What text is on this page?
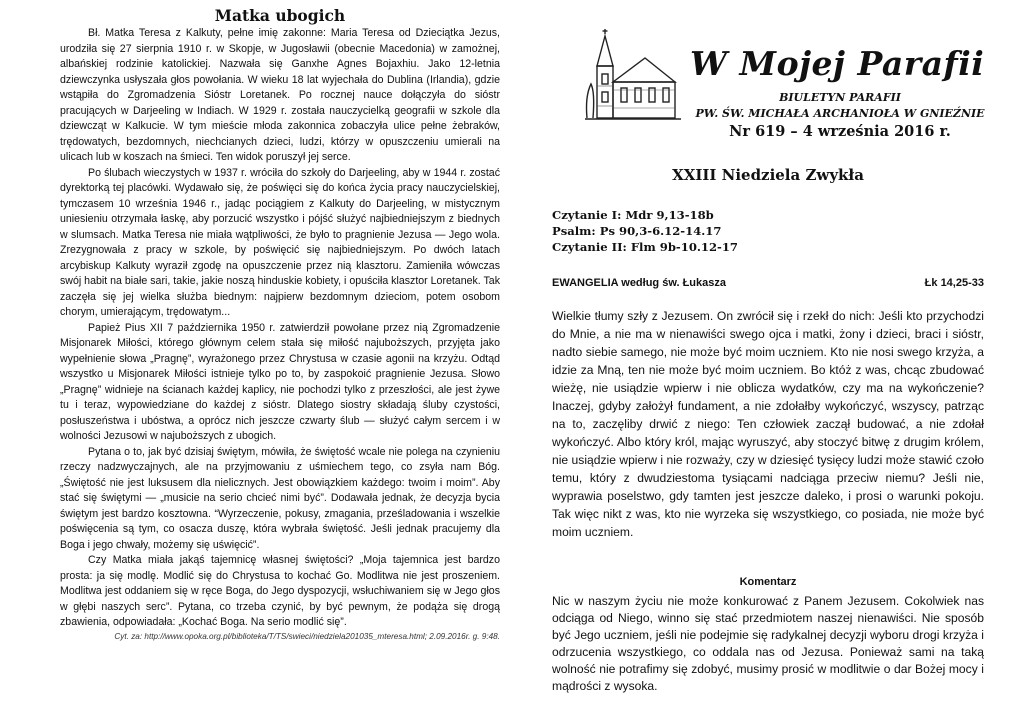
Matka ubogich

Bł. Matka Teresa z Kalkuty, pełne imię zakonne: Maria Teresa od Dzieciątka Jezus, urodziła się 27 sierpnia 1910 r. w Skopje, w Jugosławii (obecnie Macedonia) w zamożnej, albańskiej rodzinie katolickiej. Nazwała się Ganxhe Agnes Bojaxhiu. Jako 12-letnia dziewczynka usłyszała głos powołania. W wieku 18 lat wyjechała do Dublina (Irlandia), gdzie wstąpiła do Zgromadzenia Sióstr Loretanek. Po rocznej nauce dołączyła do sióstr pracujących w Darjeeling w Indiach. W 1929 r. została nauczycielką geografii w szkole dla dziewcząt w Kalkucie. W tym mieście młoda zakonnica zobaczyła ulice pełne żebraków, trędowatych, bezdomnych, niechcianych dzieci, ludzi, którzy w opuszczeniu umierali na ulicach lub w koszach na śmieci. Ten widok poruszył jej serce.

Po ślubach wieczystych w 1937 r. wróciła do szkoły do Darjeeling, aby w 1944 r. zostać dyrektorką tej placówki. Wydawało się, że poświęci się do końca życia pracy nauczycielskiej, tymczasem 10 września 1946 r., jadąc pociągiem z Kalkuty do Darjeeling, w mistycznym uniesieniu otrzymała łaskę, aby porzucić wszystko i pójść służyć najbiedniejszym z biednych w slumsach. Matka Teresa nie miała wątpliwości, że było to pragnienie Jezusa — Jego wola. Zrezygnowała z pracy w szkole, by poświęcić się najbiedniejszym. Po dwóch latach arcybiskup Kalkuty wyraził zgodę na opuszczenie przez nią klasztoru. Zamieniła wówczas swój habit na białe sari, takie, jakie noszą hinduskie kobiety, i opuściła klasztor Loretanek. Tak zaczęła się jej wielka służba biednym: najpierw bezdomnym dzieciom, potem osobom chorym, umierającym, trędowatym...

Papież Pius XII 7 października 1950 r. zatwierdził powołane przez nią Zgromadzenie Misjonarek Miłości, którego głównym celem stała się miłość najuboższych, przyjęta jako wypełnienie słowa „Pragnę”, wyrażonego przez Chrystusa w czasie agonii na krzyżu. Odtąd wszystko u Misjonarek Miłości istnieje tylko po to, by zaspokoić pragnienie Jezusa. Słowo „Pragnę” widnieje na ścianach każdej kaplicy, nie pochodzi tylko z przeszłości, ale jest żywe tu i teraz, wypowiedziane do każdej z sióstr. Dlatego siostry składają śluby czystości, posłuszeństwa i ubóstwa, a oprócz nich jeszcze czwarty ślub — służyć całym sercem i w wolności Jezusowi w najuboższych z ubogich.

Pytana o to, jak być dzisiaj świętym, mówiła, że świętość wcale nie polega na czynieniu rzeczy nadzwyczajnych, ale na przyjmowaniu z uśmiechem tego, co zsyła nam Bóg. „Świętość nie jest luksusem dla nielicznych. Jest obowiązkiem każdego: twoim i moim”. Aby stać się świętymi — „musicie na serio chcieć nimi być”. Dodawała jednak, że decyzja bycia świętym jest bardzo kosztowna. “Wyrzeczenie, pokusy, zmagania, prześladowania i wszelkie poświęcenia są tym, co osacza duszę, która wybrała świętość. Jeśli jednak pracujemy dla Boga i jego chwały, możemy się uświęcić”.

Czy Matka miała jakąś tajemnicę własnej świętości? „Moja tajemnica jest bardzo prosta: ja się modlę. Modlić się do Chrystusa to kochać Go. Modlitwa nie jest proszeniem. Modlitwa jest oddaniem się w ręce Boga, do Jego dyspozycji, wsłuchiwaniem się w Jego głos w głębi naszych serc”. Pytana, co trzeba czynić, by być pewnym, że podąża się drogą zbawienia, odpowiadała: „Kochać Boga. Na serio modlić się”.

Cyt. za: http://www.opoka.org.pl/biblioteka/T/TS/swieci/niedziela201035_mteresa.html; 2.09.2016r. g. 9:48.
W Mojej Parafii
BIULETYN PARAFII
PW. ŚW. MICHAŁA ARCHANIOŁA W GNIEŹNIE
Nr 619 – 4 września 2016 r.
XXIII Niedziela Zwykła
Czytanie I: Mdr 9,13-18b
Psalm: Ps 90,3-6.12-14.17
Czytanie II: Flm 9b-10.12-17
EWANGELIA według św. Łukasza	Łk 14,25-33

Wielkie tłumy szły z Jezusem. On zwrócił się i rzekł do nich: Jeśli kto przychodzi do Mnie, a nie ma w nienawiści swego ojca i matki, żony i dzieci, braci i sióstr, nadto siebie samego, nie może być moim uczniem. Kto nie nosi swego krzyża, a idzie za Mną, ten nie może być moim uczniem. Bo któż z was, chcąc zbudować wieżę, nie usiądzie wpierw i nie oblicza wydatków, czy ma na wykończenie? Inaczej, gdyby założył fundament, a nie zdołałby wykończyć, wszyscy, patrząc na to, zaczęliby drwić z niego: Ten człowiek zaczął budować, a nie zdołał wykończyć. Albo który król, mając wyruszyć, aby stoczyć bitwę z drugim królem, nie usiądzie wpierw i nie rozważy, czy w dziesięć tysięcy ludzi może stawić czoło temu, który z dwudziestoma tysiącami nadciąga przeciw niemu? Jeśli nie, wyprawia poselstwo, gdy tamten jest jeszcze daleko, i prosi o warunki pokoju. Tak więc nikt z was, kto nie wyrzeka się wszystkiego, co posiada, nie może być moim uczniem.

Komentarz

Nic w naszym życiu nie może konkurować z Panem Jezusem. Cokolwiek nas odciąga od Niego, winno się stać przedmiotem naszej nienawiści. Nie sposób być Jego uczniem, jeśli nie podejmie się radykalnej decyzji wyboru drogi krzyża i odrzucenia wszystkiego, co oddala nas od Jezusa. Ponieważ sami na taką wolność nie potrafimy się zdobyć, musimy prosić w modlitwie o dar Bożej mocy i mądrości z wysoka.
